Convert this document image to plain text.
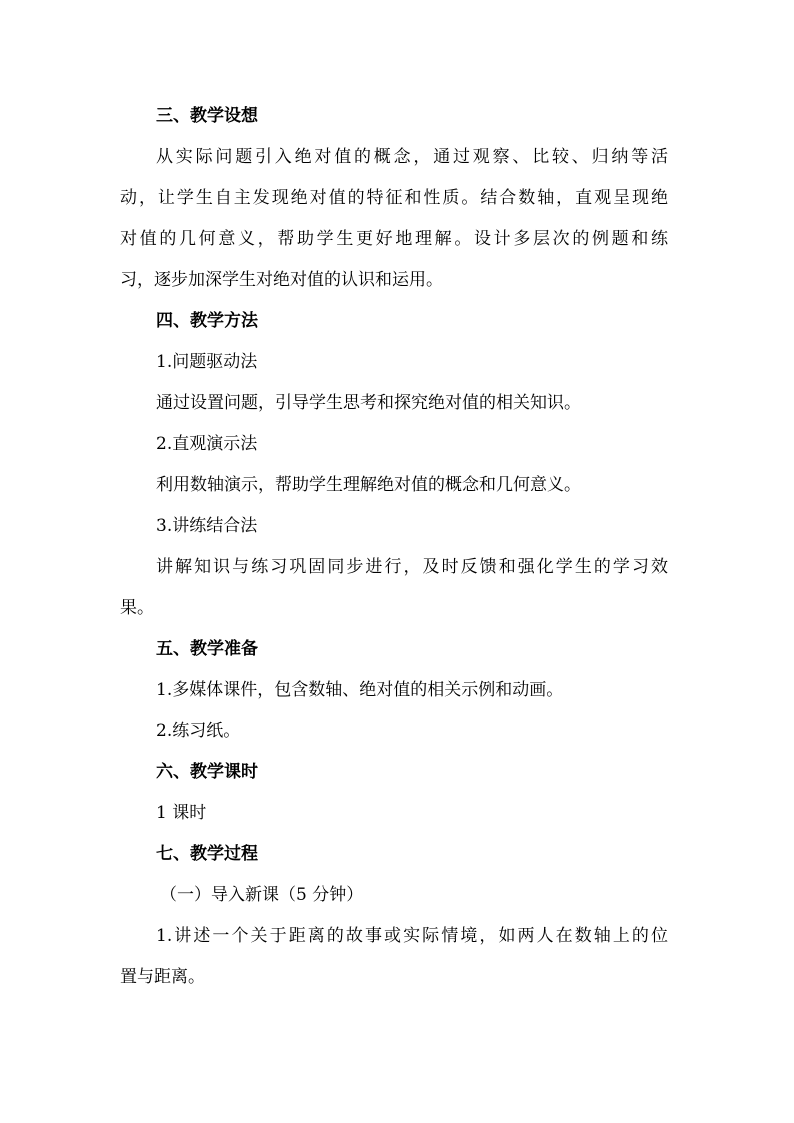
三、教学设想

从实际问题引入绝对值的概念，通过观察、比较、归纳等活

动，让学生自主发现绝对值的特征和性质。结合数轴，直观呈现绝

对值的几何意义，帮助学生更好地理解。设计多层次的例题和练

习，逐步加深学生对绝对值的认识和运用。

四、教学方法

1.问题驱动法

通过设置问题，引导学生思考和探究绝对值的相关知识。

2.直观演示法

利用数轴演示，帮助学生理解绝对值的概念和几何意义。

3.讲练结合法

讲解知识与练习巩固同步进行，及时反馈和强化学生的学习效

果。

五、教学准备

1.多媒体课件，包含数轴、绝对值的相关示例和动画。

2.练习纸。

六、教学课时

1 课时

七、教学过程

（一）导入新课（5 分钟）

1.讲述一个关于距离的故事或实际情境，如两人在数轴上的位

置与距离。
